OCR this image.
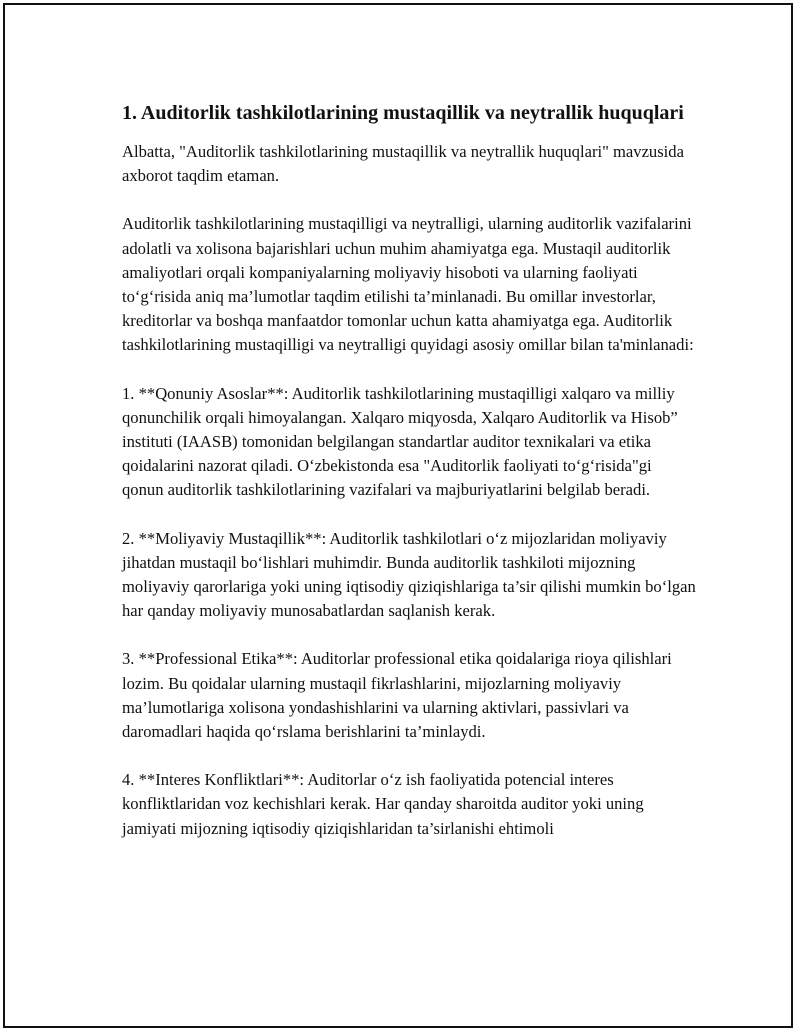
1. Auditorlik tashkilotlarining mustaqillik va neytrallik huquqlari

Albatta, "Auditorlik tashkilotlarining mustaqillik va neytrallik huquqlari" mavzusida axborot taqdim etaman.

Auditorlik tashkilotlarining mustaqilligi va neytralligi, ularning auditorlik vazifalarini adolatli va xolisona bajarishlari uchun muhim ahamiyatga ega. Mustaqil auditorlik amaliyotlari orqali kompaniyalarning moliyaviy hisoboti va ularning faoliyati to‘g‘risida aniq ma’lumotlar taqdim etilishi ta’minlanadi. Bu omillar investorlar, kreditorlar va boshqa manfaatdor tomonlar uchun katta ahamiyatga ega. Auditorlik tashkilotlarining mustaqilligi va neytralligi quyidagi asosiy omillar bilan ta'minlanadi:

1. **Qonuniy Asoslar**: Auditorlik tashkilotlarining mustaqilligi xalqaro va milliy qonunchilik orqali himoyalangan. Xalqaro miqyosda, Xalqaro Auditorlik va Hisob” instituti (IAASB) tomonidan belgilangan standartlar auditor texnikalari va etika qoidalarini nazorat qiladi. O‘zbekistonda esa "Auditorlik faoliyati to‘g‘risida"gi qonun auditorlik tashkilotlarining vazifalari va majburiyatlarini belgilab beradi.

2. **Moliyaviy Mustaqillik**: Auditorlik tashkilotlari o‘z mijozlaridan moliyaviy jihatdan mustaqil bo‘lishlari muhimdir. Bunda auditorlik tashkiloti mijozning moliyaviy qarorlariga yoki uning iqtisodiy qiziqishlariga ta’sir qilishi mumkin bo‘lgan har qanday moliyaviy munosabatlardan saqlanish kerak.

3. **Professional Etika**: Auditorlar professional etika qoidalariga rioya qilishlari lozim. Bu qoidalar ularning mustaqil fikrlashlarini, mijozlarning moliyaviy ma’lumotlariga xolisona yondashishlarini va ularning aktivlari, passivlari va daromadlari haqida qo‘rslama berishlarini ta’minlaydi.

4. **Interes Konfliktlari**: Auditorlar o‘z ish faoliyatida potencial interes konfliktlaridan voz kechishlari kerak. Har qanday sharoitda auditor yoki uning jamiyati mijozning iqtisodiy qiziqishlaridan ta’sirlanishi ehtimoli
